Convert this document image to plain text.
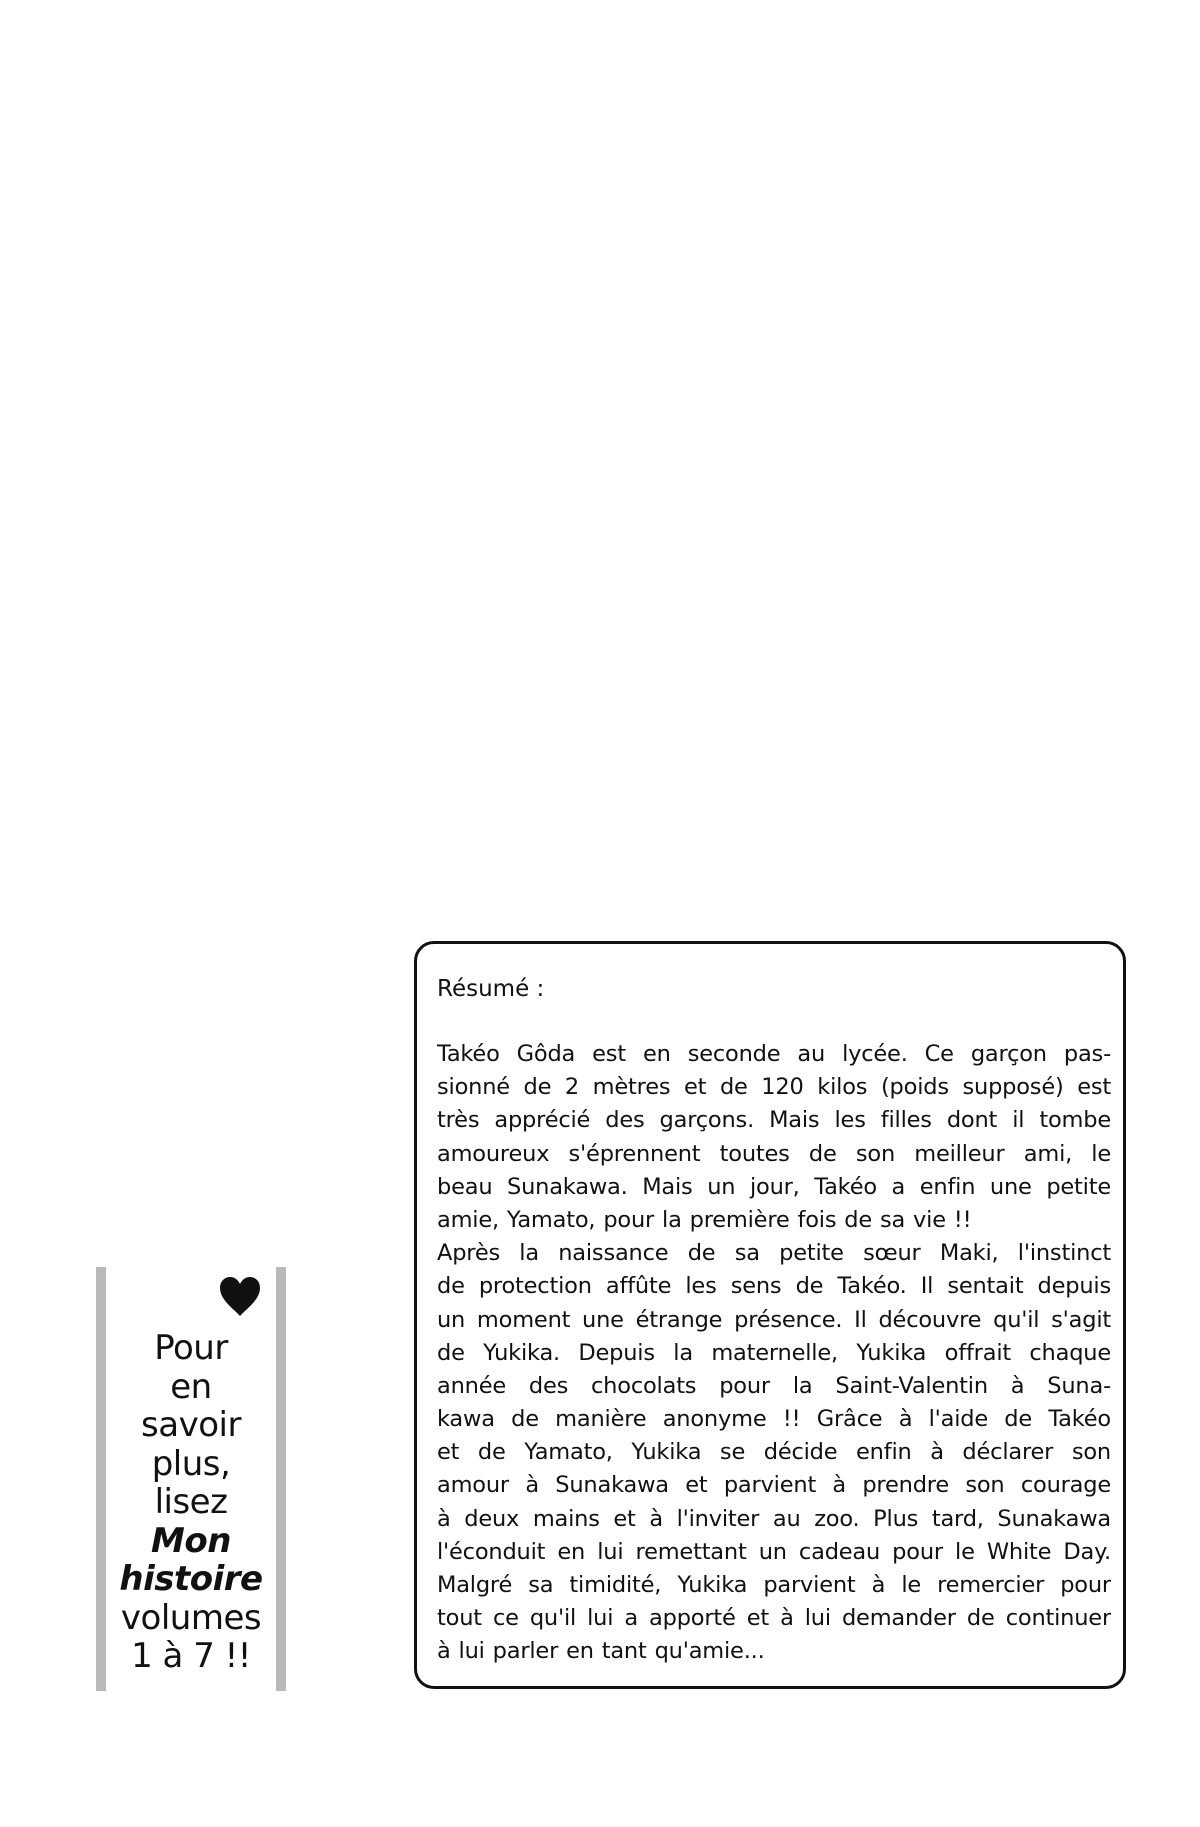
Pour
en
savoir
plus,
lisez
Mon
histoire
volumes
1 à 7 !!
Résumé :
Takéo Gôda est en seconde au lycée. Ce garçon pas-
sionné de 2 mètres et de 120 kilos (poids supposé) est
très apprécié des garçons. Mais les filles dont il tombe
amoureux s'éprennent toutes de son meilleur ami, le
beau Sunakawa. Mais un jour, Takéo a enfin une petite
amie, Yamato, pour la première fois de sa vie !!
Après la naissance de sa petite sœur Maki, l'instinct
de protection affûte les sens de Takéo. Il sentait depuis
un moment une étrange présence. Il découvre qu'il s'agit
de Yukika. Depuis la maternelle, Yukika offrait chaque
année des chocolats pour la Saint-Valentin à Suna-
kawa de manière anonyme !! Grâce à l'aide de Takéo
et de Yamato, Yukika se décide enfin à déclarer son
amour à Sunakawa et parvient à prendre son courage
à deux mains et à l'inviter au zoo. Plus tard, Sunakawa
l'éconduit en lui remettant un cadeau pour le White Day.
Malgré sa timidité, Yukika parvient à le remercier pour
tout ce qu'il lui a apporté et à lui demander de continuer
à lui parler en tant qu'amie...
